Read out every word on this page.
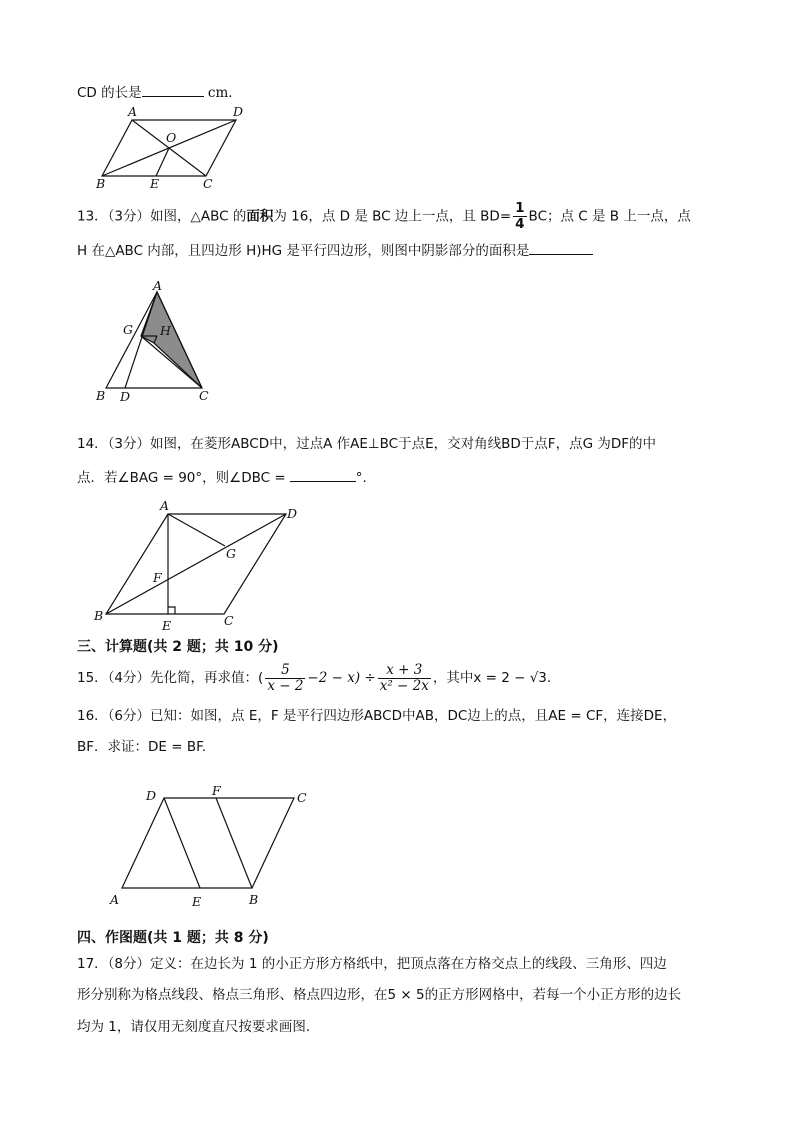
CD 的长是	cm．
A	D
O
B	E	C
13．（3分）如图，△ABC 的面积为 16，点 D 是 BC 边上一点，且 $BD= \frac{1}{4}$ BC；点 C 是 B 上一点，点
H 在△ABC 内部，且四边形 H)HG 是平行四边形，则图中阴影部分的面积是
A
G H
B D	C
14．（3分）如图，在菱形ABCD中，过点A 作AE⊥BC于点E，交对角线BD于点F，点G 为DF的中
点．若∠BAG = 90°，则∠DBC =	°.
A
D
G
F
B
E	C
三、计算题(共 2 题；共 10 分)
15．（4分）先化简，再求值：( $\frac{5}{x - 2} -2 - x) \div \frac{x + 3}{\text{x² − 2x}}$ ，其中x = 2 − √3.
16．（6分）已知：如图，点 E，F 是平行四边形ABCD中AB，DC边上的点，且AE = CF，连接DE，
BF．求证：DE = BF.
D	F	C
A	E	B
四、作图题(共 1 题；共 8 分)
17．（8分）定义：在边长为 1 的小正方形方格纸中，把顶点落在方格交点上的线段、三角形、四边
形分别称为格点线段、格点三角形、格点四边形，在5 × 5的正方形网格中，若每一个小正方形的边长
均为 1，请仅用无刻度直尺按要求画图．
